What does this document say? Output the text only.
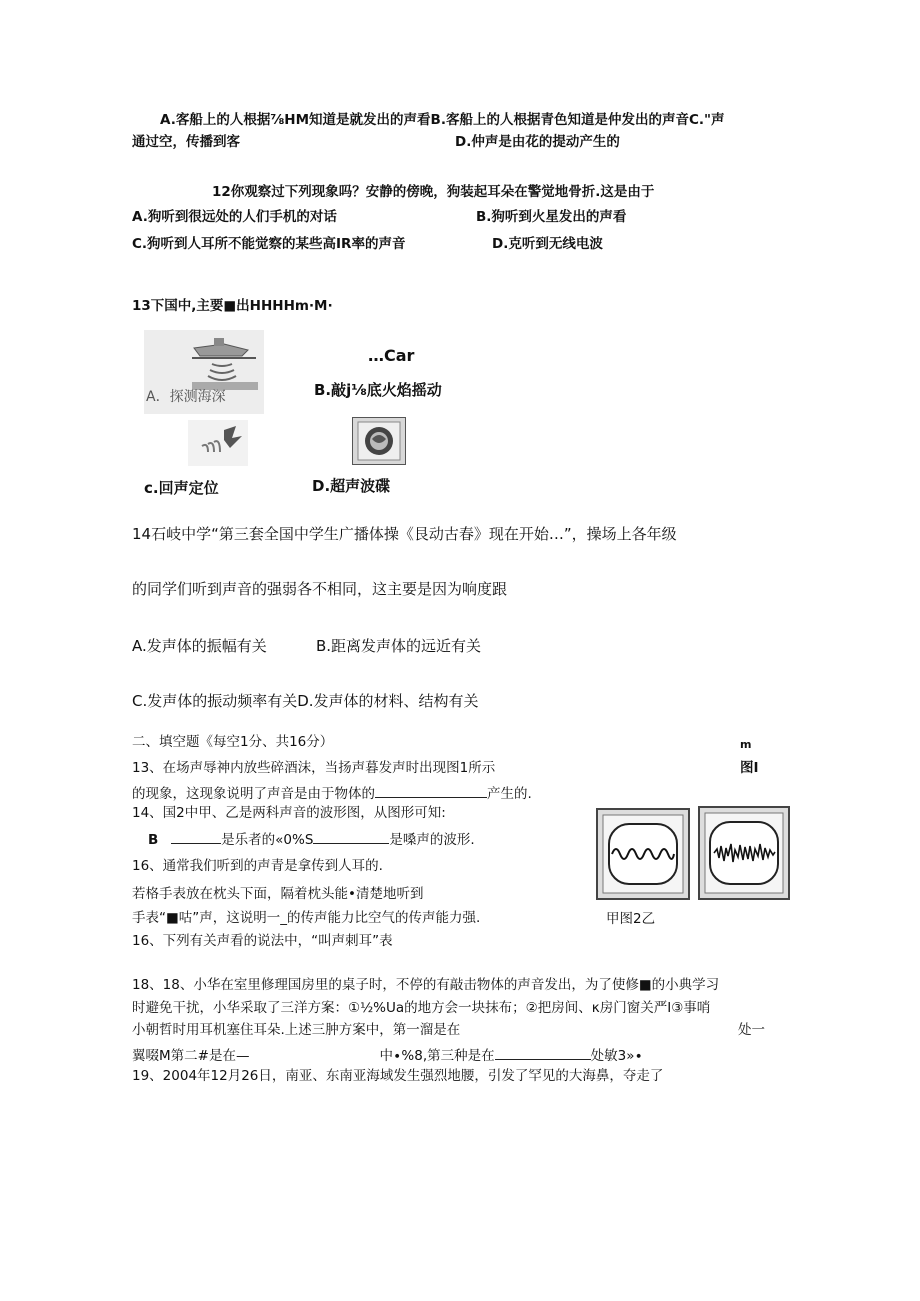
A.客船上的人根据⅞HM知道是就发出的声看B.客船上的人根据青色知道是仲发出的声音C."声
通过空，传播到客	D.仲声是由花的提动产生的
12你观察过下列现象吗？安静的傍晚，狗装起耳朵在警觉地骨折.这是由于
A.狗听到很远处的人们手机的对话	B.狗听到火星发出的声看
C.狗听到人耳所不能觉察的某些高IR率的声音	D.克听到无线电波
13下国中,主要■出HHHHm∙M∙
A．探测海深
…Car
B.敲j⅛底火焰摇动
c.回声定位	D.超声波碟
14石岐中学“第三套全国中学生广播体操《艮动古春》现在开始…”，操场上各年级
的同学们听到声音的强弱各不相同，这主要是因为响度跟
A.发声体的振幅有关	B.距离发声体的远近有关
C.发声体的振动频率有关D.发声体的材料、结构有关
二、填空题《每空1分、共16分）	m
图I
13、在场声辱神内放些碎酒沫，当扬声暮发声时出现图1所示
的现象，这现象说明了声音是由于物体的	产生的.
14、国2中甲、乙是两科声音的波形图，从图形可知:
B	是乐者的«0%S	是嗓声的波形.
甲图2乙
16、通常我们听到的声青是拿传到人耳的.
若格手表放在枕头下面，隔着枕头能•清楚地听到
手表“■咕”声，这说明一_的传声能力比空气的传声能力强.
16、下列有关声看的说法中，“叫声刺耳”表
18、18、小华在室里修理国房里的桌子时，不停的有敲击物体的声音发出，为了使修■的小典学习
时避免干扰，小华采取了三洋方案：①½%Ua的地方会一块抹布；②把房间、κ房门窗关严I③事哨
小朝哲时用耳机塞住耳朵.上述三肿方案中，第一溜是在	处一
翼啜M第二#是在—	中∙%8,第三种是在	处敏3»∙
19、2004年12月26日，南亚、东南亚海域发生强烈地腰，引发了罕见的大海鼻，夺走了
